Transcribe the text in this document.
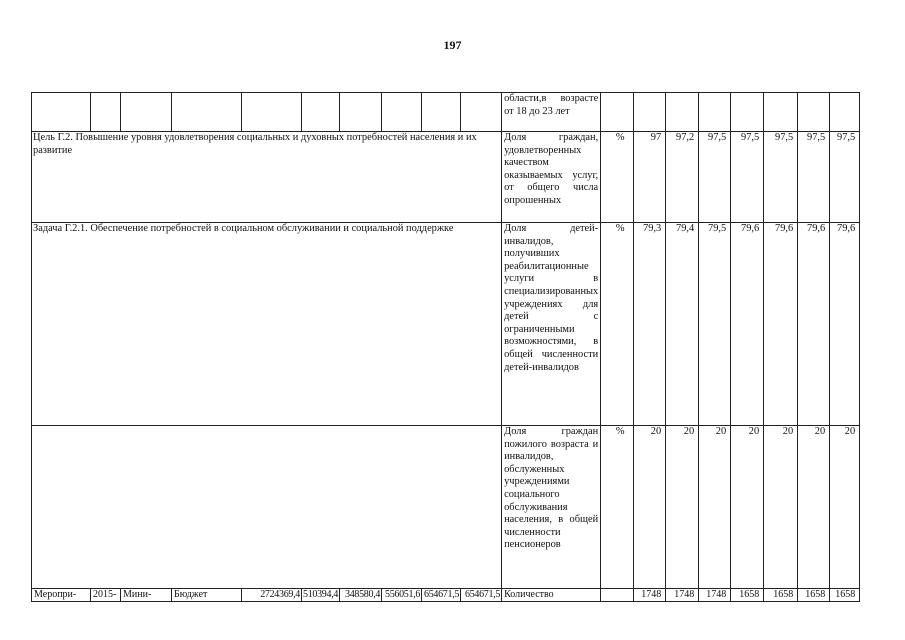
197
										области,в возрасте от 18 до 23 лет								
Цель Г.2. Повышение уровня удовлетворения социальных и духовных потребностей населения и их развитие										Доля граждан, удовлетворенных качеством оказываемых услуг, от общего числа опрошенных	%	97	97,2	97,5	97,5	97,5	97,5	97,5
Задача Г.2.1. Обеспечение потребностей в социальном обслуживании и социальной поддержке										Доля детей-инвалидов, получивших реабилитационные услуги в специализированных учреждениях для детей с ограниченными возможностями, в общей численности детей-инвалидов	%	79,3	79,4	79,5	79,6	79,6	79,6	79,6
										Доля граждан пожилого возраста и инвалидов, обслуженных учреждениями социального обслуживания населения, в общей численности пенсионеров	%	20	20	20	20	20	20	20
Меропри-	2015-	Мини-	Бюджет	2724369,4	510394,4	348580,4	556051,6	654671,5	654671,5	Количество		1748	1748	1748	1658	1658	1658	1658
